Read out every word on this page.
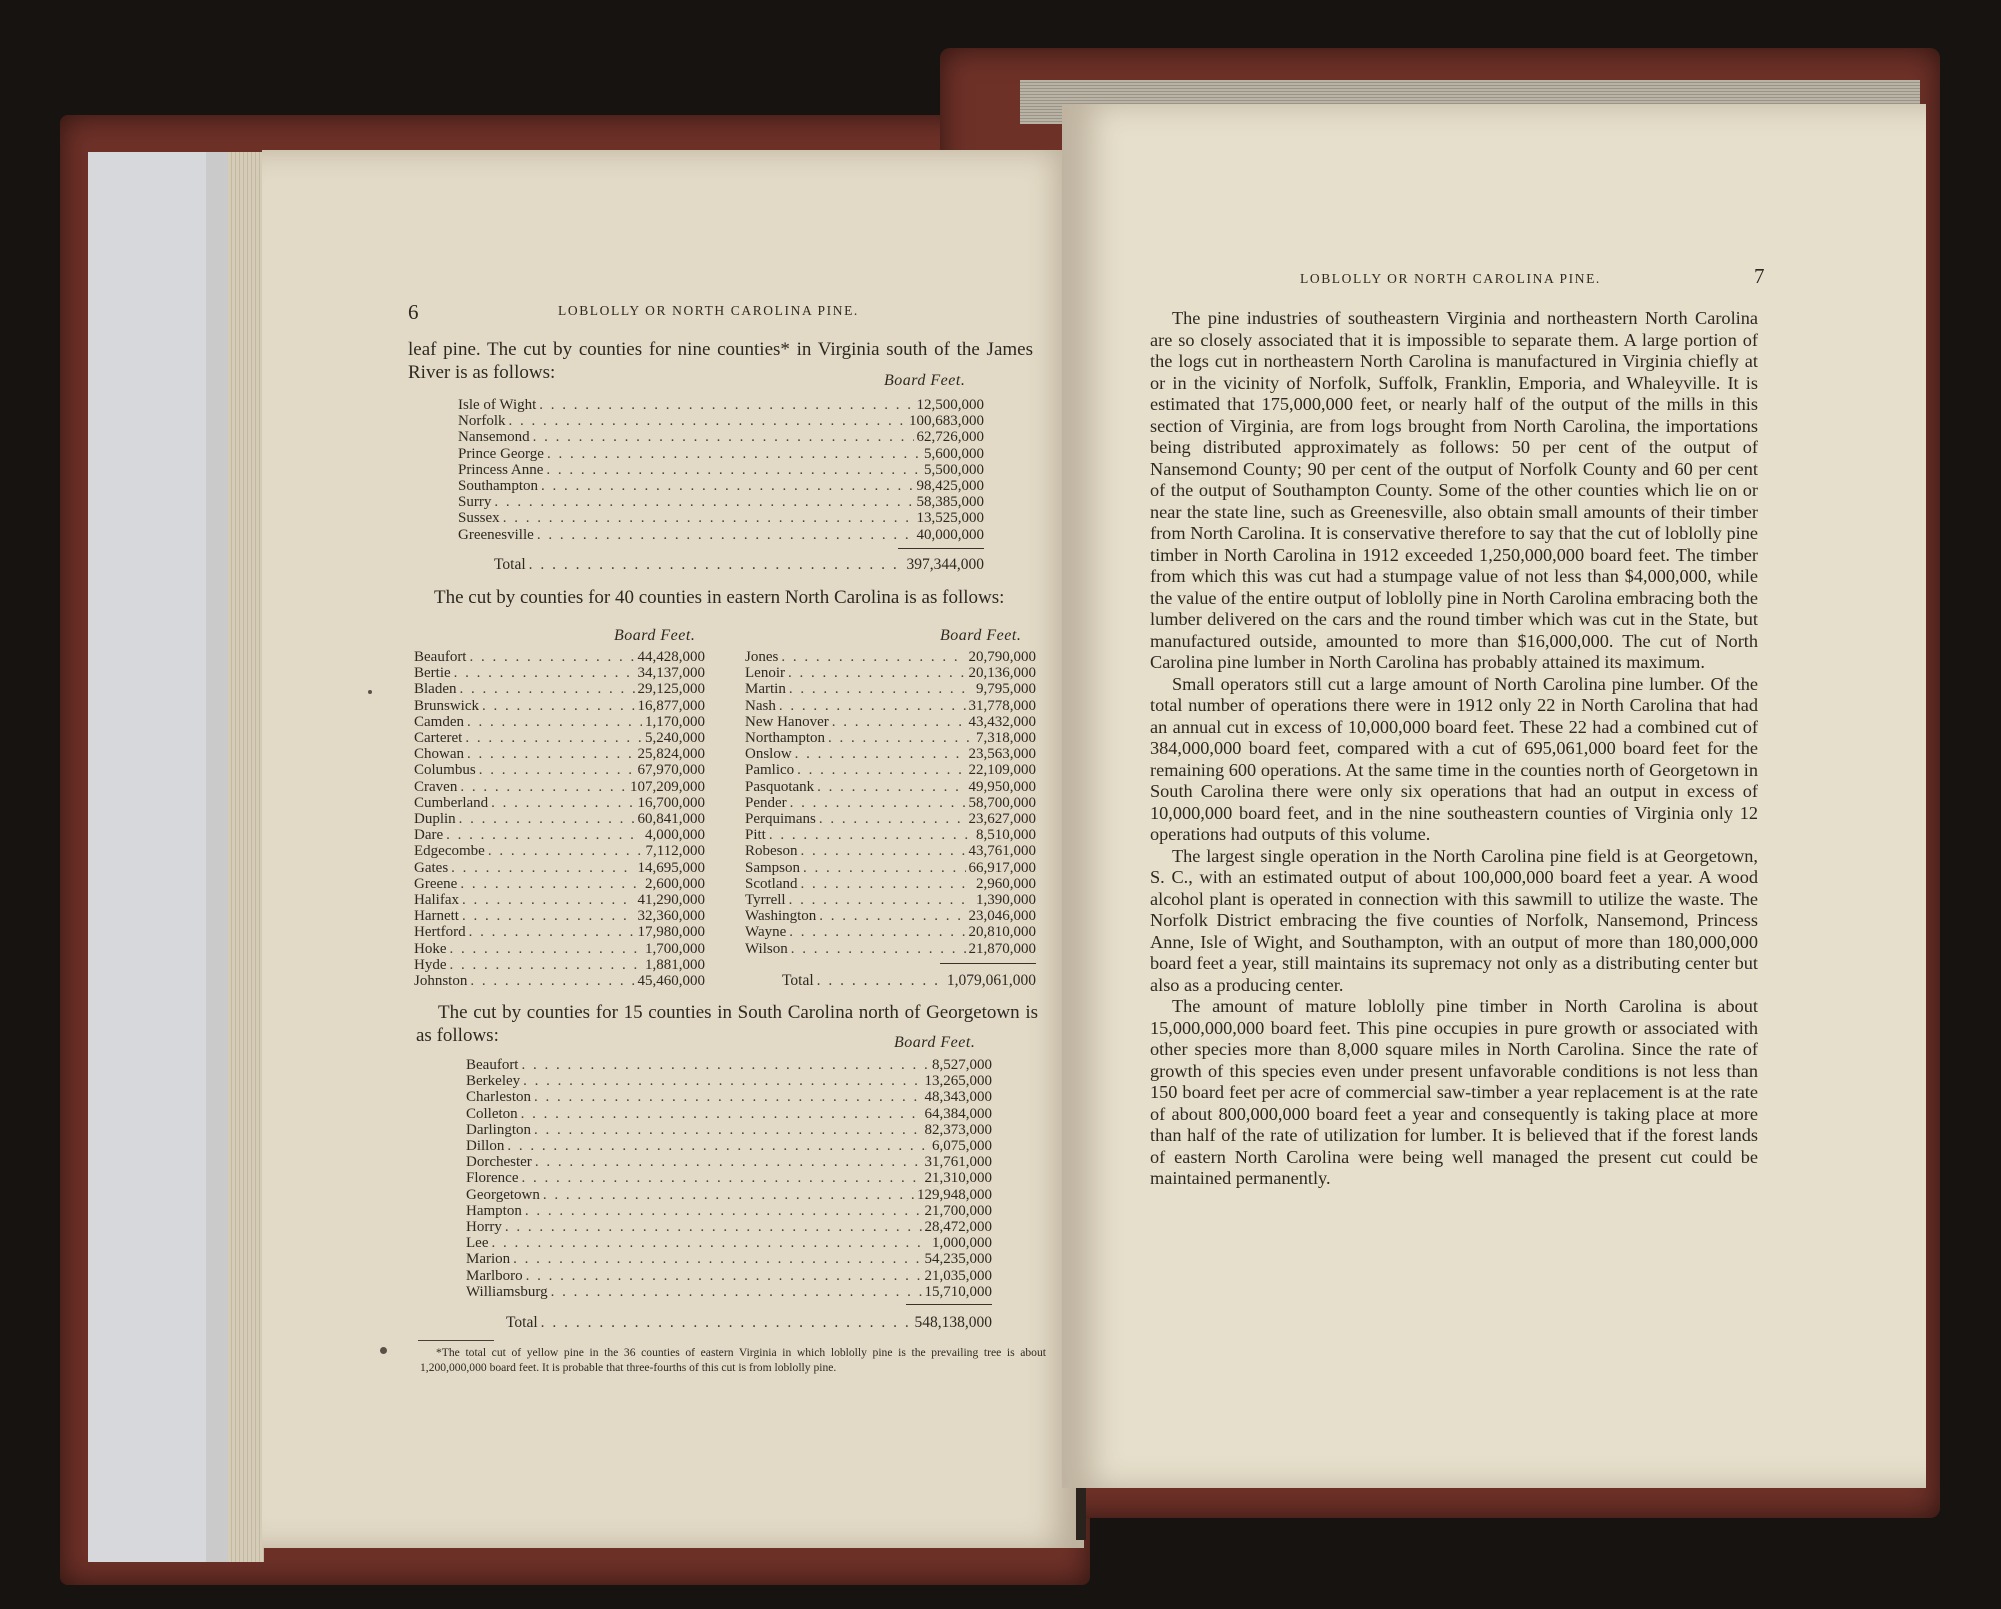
6	LOBLOLLY OR NORTH CAROLINA PINE.

leaf pine. The cut by counties for nine counties* in Virginia south of the James River is as follows:	Board Feet.
Isle of Wight . . .	12,500,000
Norfolk . . .	100,683,000
Nansemond . . .	62,726,000
Prince George . . .	5,600,000
Princess Anne . . .	5,500,000
Southampton . . .	98,425,000
Surry . . .	58,385,000
Sussex . . .	13,525,000
Greenesville . . .	40,000,000
Total . . .	397,344,000

The cut by counties for 40 counties in eastern North Carolina is as follows:

Board Feet.	Board Feet.
Beaufort . . .	44,428,000
Bertie . . .	34,137,000
Bladen . . .	29,125,000
Brunswick . . .	16,877,000
Camden . . .	1,170,000
Carteret . . .	5,240,000
Chowan . . .	25,824,000
Columbus . . .	67,970,000
Craven . . .	107,209,000
Cumberland . . .	16,700,000
Duplin . . .	60,841,000
Dare . . .	4,000,000
Edgecombe . . .	7,112,000
Gates . . .	14,695,000
Greene . . .	2,600,000
Halifax . . .	41,290,000
Harnett . . .	32,360,000
Hertford . . .	17,980,000
Hoke . . .	1,700,000
Hyde . . .	1,881,000
Johnston . . .	45,460,000
Jones . . .	20,790,000
Lenoir . . .	20,136,000
Martin . . .	9,795,000
Nash . . .	31,778,000
New Hanover . . .	43,432,000
Northampton . . .	7,318,000
Onslow . . .	23,563,000
Pamlico . . .	22,109,000
Pasquotank . . .	49,950,000
Pender . . .	58,700,000
Perquimans . . .	23,627,000
Pitt . . .	8,510,000
Robeson . . .	43,761,000
Sampson . . .	66,917,000
Scotland . . .	2,960,000
Tyrrell . . .	1,390,000
Washington . . .	23,046,000
Wayne . . .	20,810,000
Wilson . . .	21,870,000
Total . . .	1,079,061,000

The cut by counties for 15 counties in South Carolina north of Georgetown is as follows:	Board Feet.
Beaufort . . .	8,527,000
Berkeley . . .	13,265,000
Charleston . . .	48,343,000
Colleton . . .	64,384,000
Darlington . . .	82,373,000
Dillon . . .	6,075,000
Dorchester . . .	31,761,000
Florence . . .	21,310,000
Georgetown . . .	129,948,000
Hampton . . .	21,700,000
Horry . . .	28,472,000
Lee . . .	1,000,000
Marion . . .	54,235,000
Marlboro . . .	21,035,000
Williamsburg . . .	15,710,000
Total . . .	548,138,000
*The total cut of yellow pine in the 36 counties of eastern Virginia in which loblolly pine is the prevailing tree is about 1,200,000,000 board feet. It is probable that three-fourths of this cut is from loblolly pine.
LOBLOLLY OR NORTH CAROLINA PINE.	7

The pine industries of southeastern Virginia and northeastern North Carolina are so closely associated that it is impossible to separate them. A large portion of the logs cut in northeastern North Carolina is manufactured in Virginia chiefly at or in the vicinity of Norfolk, Suffolk, Franklin, Emporia, and Whaleyville. It is estimated that 175,000,000 feet, or nearly half of the output of the mills in this section of Virginia, are from logs brought from North Carolina, the importations being distributed approximately as follows: 50 per cent of the output of Nansemond County; 90 per cent of the output of Norfolk County and 60 per cent of the output of Southampton County. Some of the other counties which lie on or near the state line, such as Greenesville, also obtain small amounts of their timber from North Carolina. It is conservative therefore to say that the cut of loblolly pine timber in North Carolina in 1912 exceeded 1,250,000,000 board feet. The timber from which this was cut had a stumpage value of not less than $4,000,000, while the value of the entire output of loblolly pine in North Carolina embracing both the lumber delivered on the cars and the round timber which was cut in the State, but manufactured outside, amounted to more than $16,000,000. The cut of North Carolina pine lumber in North Carolina has probably attained its maximum.

Small operators still cut a large amount of North Carolina pine lumber. Of the total number of operations there were in 1912 only 22 in North Carolina that had an annual cut in excess of 10,000,000 board feet. These 22 had a combined cut of 384,000,000 board feet, compared with a cut of 695,061,000 board feet for the remaining 600 operations. At the same time in the counties north of Georgetown in South Carolina there were only six operations that had an output in excess of 10,000,000 board feet, and in the nine southeastern counties of Virginia only 12 operations had outputs of this volume.

The largest single operation in the North Carolina pine field is at Georgetown, S. C., with an estimated output of about 100,000,000 board feet a year. A wood alcohol plant is operated in connection with this sawmill to utilize the waste. The Norfolk District embracing the five counties of Norfolk, Nansemond, Princess Anne, Isle of Wight, and Southampton, with an output of more than 180,000,000 board feet a year, still maintains its supremacy not only as a distributing center but also as a producing center.

The amount of mature loblolly pine timber in North Carolina is about 15,000,000,000 board feet. This pine occupies in pure growth or associated with other species more than 8,000 square miles in North Carolina. Since the rate of growth of this species even under present unfavorable conditions is not less than 150 board feet per acre of commercial saw-timber a year replacement is at the rate of about 800,000,000 board feet a year and consequently is taking place at more than half of the rate of utilization for lumber. It is believed that if the forest lands of eastern North Carolina were being well managed the present cut could be maintained permanently.
